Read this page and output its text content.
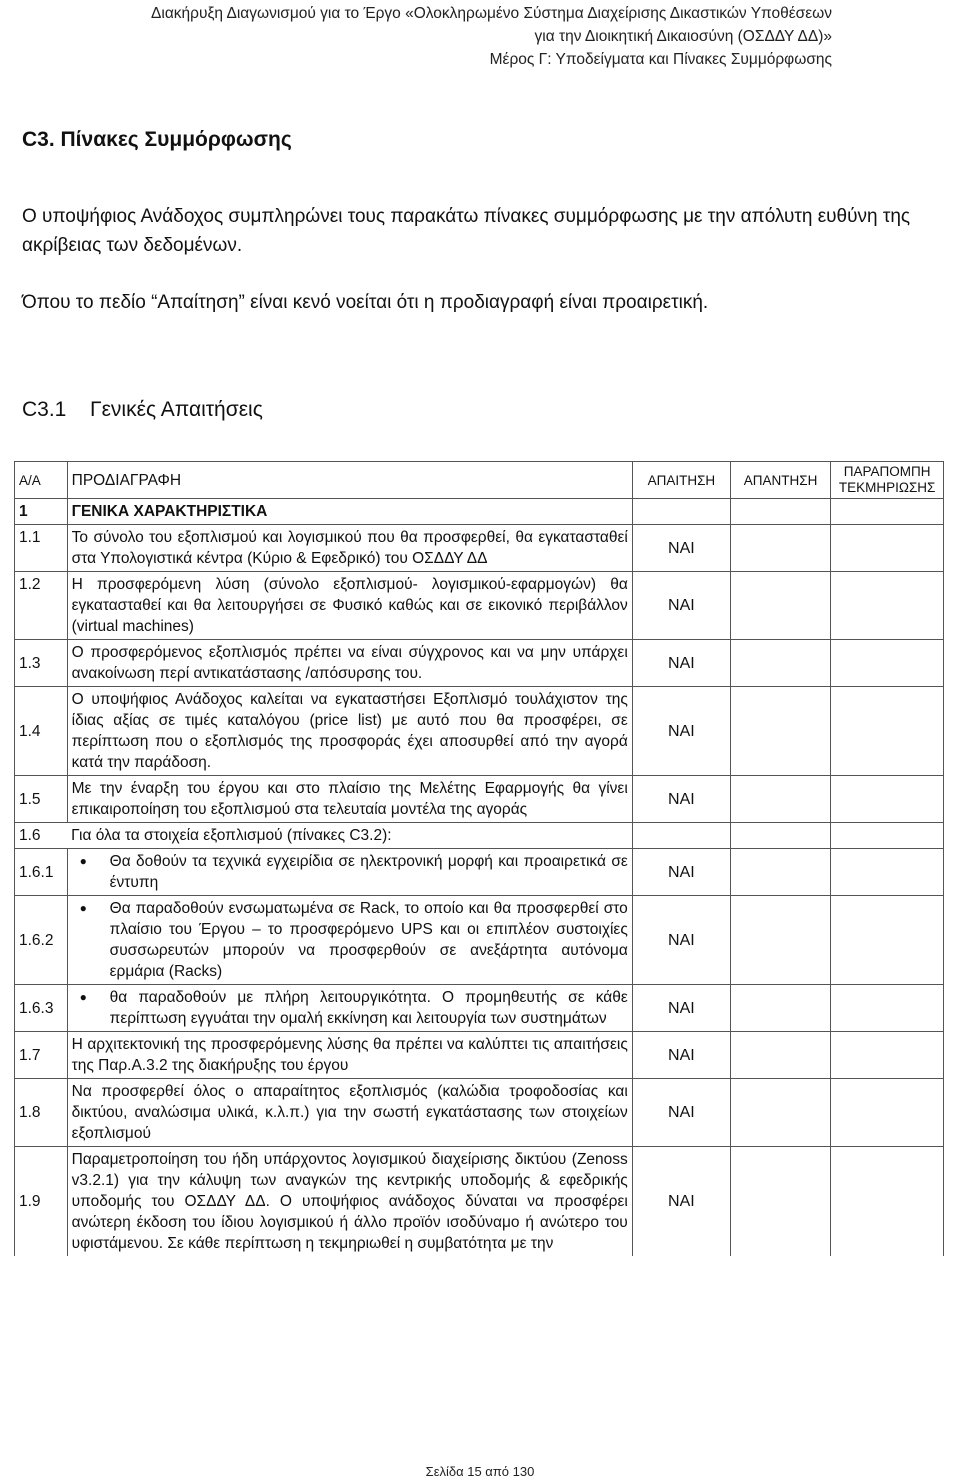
Διακήρυξη Διαγωνισμού για το Έργο «Ολοκληρωμένο Σύστημα Διαχείρισης Δικαστικών Υποθέσεων
για την Διοικητική Δικαιοσύνη (ΟΣΔΔΥ ΔΔ)»
Μέρος Γ: Υποδείγματα και Πίνακες Συμμόρφωσης
C3. Πίνακες Συμμόρφωσης
Ο υποψήφιος Ανάδοχος συμπληρώνει τους παρακάτω πίνακες συμμόρφωσης με την απόλυτη ευθύνη της ακρίβειας των δεδομένων.
Όπου το πεδίο “Απαίτηση” είναι κενό νοείται ότι η προδιαγραφή είναι προαιρετική.
C3.1 Γενικές Απαιτήσεις
Α/Α	ΠΡΟΔΙΑΓΡΑΦΗ	ΑΠΑΙΤΗΣΗ	ΑΠΑΝΤΗΣΗ	ΠΑΡΑΠΟΜΠΗ ΤΕΚΜΗΡΙΩΣΗΣ
1	ΓΕΝΙΚΑ ΧΑΡΑΚΤΗΡΙΣΤΙΚΑ			
1.1	Το σύνολο του εξοπλισμού και λογισμικού που θα προσφερθεί, θα εγκατασταθεί στα Υπολογιστικά κέντρα (Κύριο & Εφεδρικό) του ΟΣΔΔΥ ΔΔ	ΝΑΙ		
1.2	Η προσφερόμενη λύση (σύνολο εξοπλισμού- λογισμικού-εφαρμογών) θα εγκατασταθεί και θα λειτουργήσει σε Φυσικό καθώς και σε εικονικό περιβάλλον (virtual machines)	ΝΑΙ		
1.3	Ο προσφερόμενος εξοπλισμός πρέπει να είναι σύγχρονος και να μην υπάρχει ανακοίνωση περί αντικατάστασης /απόσυρσης του.	ΝΑΙ		
1.4	Ο υποψήφιος Ανάδοχος καλείται να εγκαταστήσει Εξοπλισμό τουλάχιστον της ίδιας αξίας σε τιμές καταλόγου (price list) με αυτό που θα προσφέρει, σε περίπτωση που ο εξοπλισμός της προσφοράς έχει αποσυρθεί από την αγορά κατά την παράδοση.	ΝΑΙ		
1.5	Με την έναρξη του έργου και στο πλαίσιο της Μελέτης Εφαρμογής θα γίνει επικαιροποίηση του εξοπλισμού στα τελευταία μοντέλα της αγοράς	ΝΑΙ		
1.6	Για όλα τα στοιχεία εξοπλισμού (πίνακες C3.2):			
1.6.1	● Θα δοθούν τα τεχνικά εγχειρίδια σε ηλεκτρονική μορφή και προαιρετικά σε έντυπη	ΝΑΙ		
1.6.2	● Θα παραδοθούν ενσωματωμένα σε Rack, το οποίο και θα προσφερθεί στο πλαίσιο του Έργου – το προσφερόμενο UPS και οι επιπλέον συστοιχίες συσσωρευτών μπορούν να προσφερθούν σε ανεξάρτητα αυτόνομα ερμάρια (Racks)	ΝΑΙ		
1.6.3	● θα παραδοθούν με πλήρη λειτουργικότητα. Ο προμηθευτής σε κάθε περίπτωση εγγυάται την ομαλή εκκίνηση και λειτουργία των συστημάτων	ΝΑΙ		
1.7	Η αρχιτεκτονική της προσφερόμενης λύσης θα πρέπει να καλύπτει τις απαιτήσεις της Παρ.Α.3.2 της διακήρυξης του έργου	ΝΑΙ		
1.8	Να προσφερθεί όλος ο απαραίτητος εξοπλισμός (καλώδια τροφοδοσίας και δικτύου, αναλώσιμα υλικά, κ.λ.π.) για την σωστή εγκατάστασης των στοιχείων εξοπλισμού	ΝΑΙ		
1.9	Παραμετροποίηση του ήδη υπάρχοντος λογισμικού διαχείρισης δικτύου (Zenoss v3.2.1) για την κάλυψη των αναγκών της κεντρικής υποδομής & εφεδρικής υποδομής του ΟΣΔΔΥ ΔΔ. Ο υποψήφιος ανάδοχος δύναται να προσφέρει ανώτερη έκδοση του ίδιου λογισμικού ή άλλο προϊόν ισοδύναμο ή ανώτερο του υφιστάμενου. Σε κάθε περίπτωση η τεκμηριωθεί η συμβατότητα με την	ΝΑΙ		
Σελίδα 15 από 130
